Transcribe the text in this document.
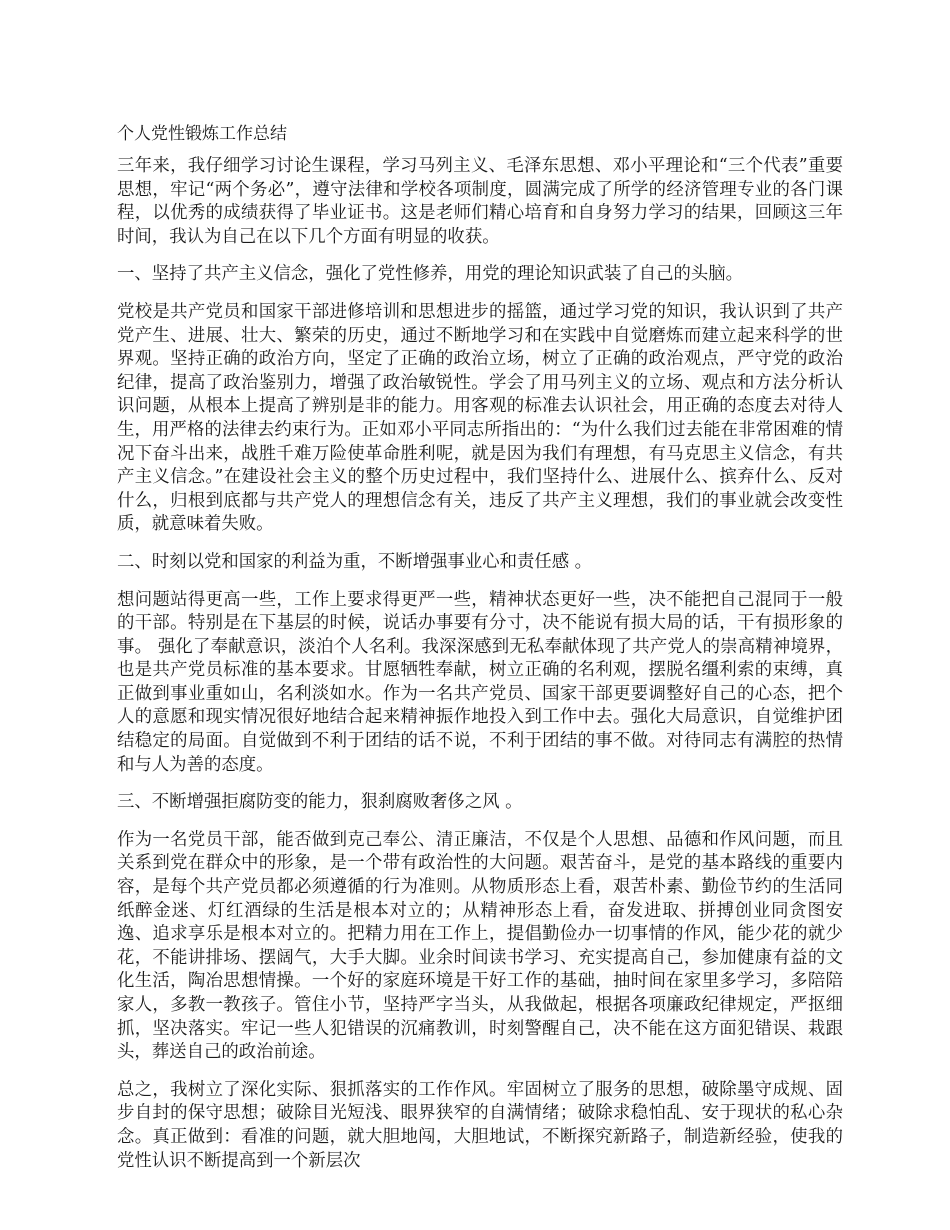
个人党性锻炼工作总结

三年来，我仔细学习讨论生课程，学习马列主义、毛泽东思想、邓小平理论和“三个代表”重要思想，牢记“两个务必”，遵守法律和学校各项制度，圆满完成了所学的经济管理专业的各门课程，以优秀的成绩获得了毕业证书。这是老师们精心培育和自身努力学习的结果，回顾这三年时间，我认为自己在以下几个方面有明显的收获。

一、坚持了共产主义信念，强化了党性修养，用党的理论知识武装了自己的头脑。

党校是共产党员和国家干部进修培训和思想进步的摇篮，通过学习党的知识，我认识到了共产党产生、进展、壮大、繁荣的历史，通过不断地学习和在实践中自觉磨炼而建立起来科学的世界观。坚持正确的政治方向，坚定了正确的政治立场，树立了正确的政治观点，严守党的政治纪律，提高了政治鉴别力，增强了政治敏锐性。学会了用马列主义的立场、观点和方法分析认识问题，从根本上提高了辨别是非的能力。用客观的标准去认识社会，用正确的态度去对待人生，用严格的法律去约束行为。正如邓小平同志所指出的：“为什么我们过去能在非常困难的情况下奋斗出来，战胜千难万险使革命胜利呢，就是因为我们有理想，有马克思主义信念，有共产主义信念。”在建设社会主义的整个历史过程中，我们坚持什么、进展什么、摈弃什么、反对什么，归根到底都与共产党人的理想信念有关，违反了共产主义理想，我们的事业就会改变性质，就意味着失败。

二、时刻以党和国家的利益为重，不断增强事业心和责任感 。

想问题站得更高一些，工作上要求得更严一些，精神状态更好一些，决不能把自己混同于一般的干部。特别是在下基层的时候，说话办事要有分寸，决不能说有损大局的话，干有损形象的事。 强化了奉献意识，淡泊个人名利。我深深感到无私奉献体现了共产党人的崇高精神境界，也是共产党员标准的基本要求。甘愿牺牲奉献，树立正确的名利观，摆脱名缰利索的束缚，真正做到事业重如山，名利淡如水。作为一名共产党员、国家干部更要调整好自己的心态，把个人的意愿和现实情况很好地结合起来精神振作地投入到工作中去。强化大局意识，自觉维护团结稳定的局面。自觉做到不利于团结的话不说，不利于团结的事不做。对待同志有满腔的热情和与人为善的态度。

三、不断增强拒腐防变的能力，狠刹腐败奢侈之风 。

作为一名党员干部，能否做到克己奉公、清正廉洁，不仅是个人思想、品德和作风问题，而且关系到党在群众中的形象，是一个带有政治性的大问题。艰苦奋斗，是党的基本路线的重要内容，是每个共产党员都必须遵循的行为准则。从物质形态上看，艰苦朴素、勤俭节约的生活同纸醉金迷、灯红酒绿的生活是根本对立的；从精神形态上看，奋发进取、拼搏创业同贪图安逸、追求享乐是根本对立的。把精力用在工作上，提倡勤俭办一切事情的作风，能少花的就少花，不能讲排场、摆阔气，大手大脚。业余时间读书学习、充实提高自己，参加健康有益的文化生活，陶冶思想情操。一个好的家庭环境是干好工作的基础，抽时间在家里多学习，多陪陪家人，多教一教孩子。管住小节，坚持严字当头，从我做起，根据各项廉政纪律规定，严抠细抓，坚决落实。牢记一些人犯错误的沉痛教训，时刻警醒自己，决不能在这方面犯错误、栽跟头，葬送自己的政治前途。

总之，我树立了深化实际、狠抓落实的工作作风。牢固树立了服务的思想，破除墨守成规、固步自封的保守思想；破除目光短浅、眼界狭窄的自满情绪；破除求稳怕乱、安于现状的私心杂念。真正做到：看准的问题，就大胆地闯，大胆地试，不断探究新路子，制造新经验，使我的党性认识不断提高到一个新层次
